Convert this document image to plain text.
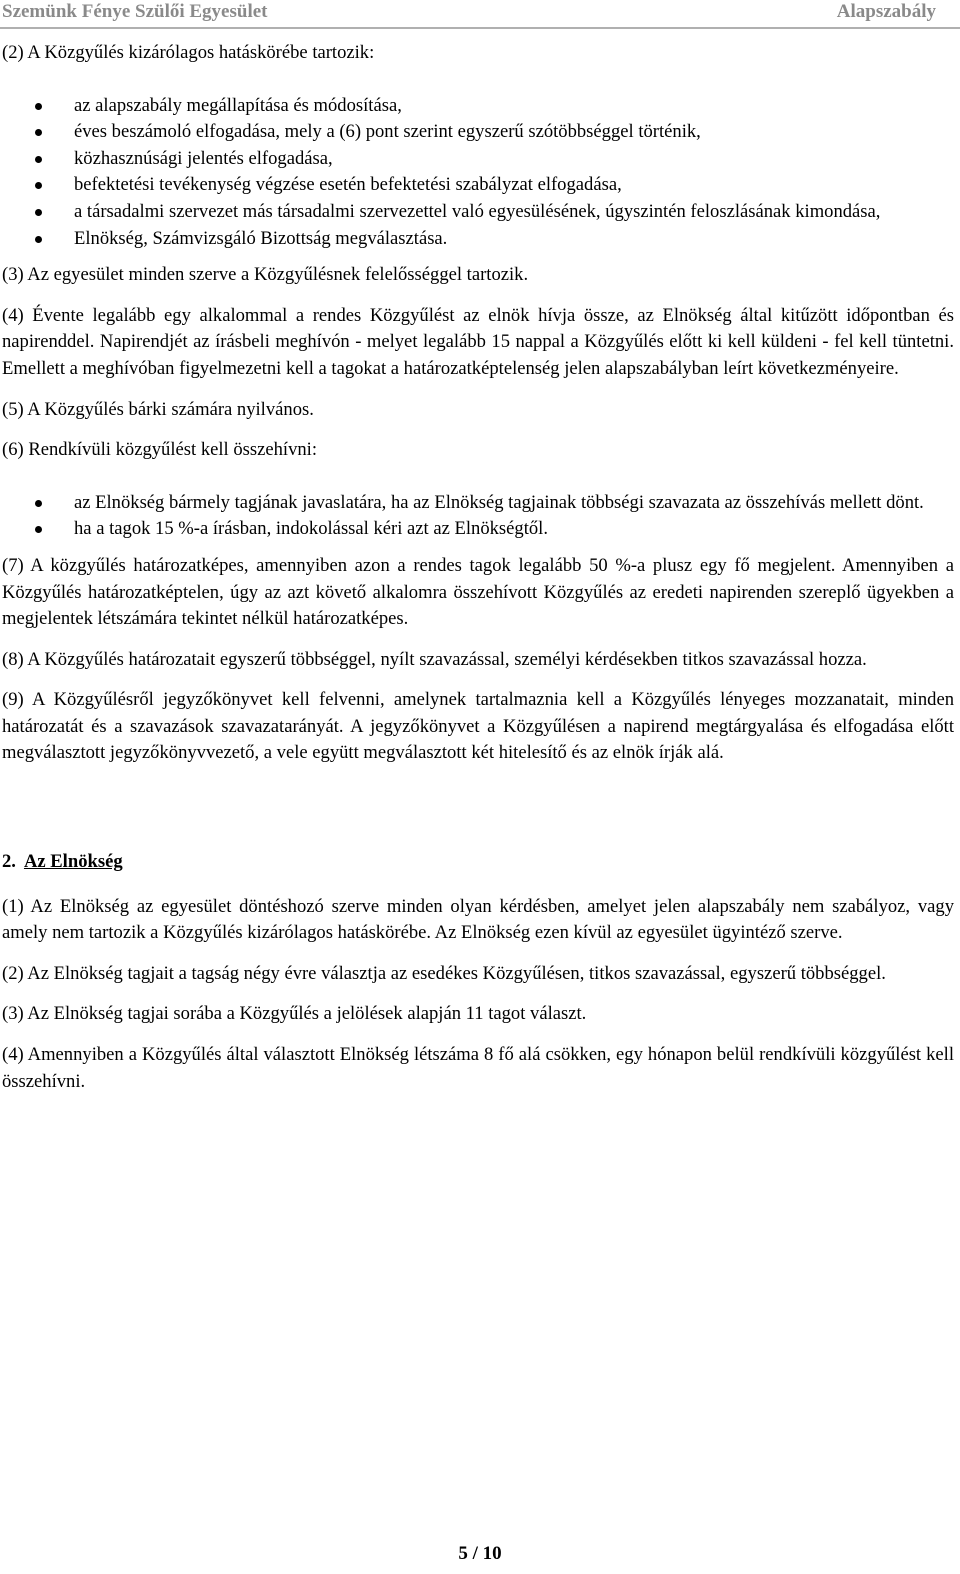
Szemünk Fénye Szülői Egyesület	Alapszabály

(2) A Közgyűlés kizárólagos hatáskörébe tartozik:

az alapszabály megállapítása és módosítása,
éves beszámoló elfogadása, mely a (6) pont szerint egyszerű szótöbbséggel történik,
közhasznúsági jelentés elfogadása,
befektetési tevékenység végzése esetén befektetési szabályzat elfogadása,
a társadalmi szervezet más társadalmi szervezettel való egyesülésének, úgyszintén feloszlásának kimondása,
Elnökség, Számvizsgáló Bizottság megválasztása.

(3) Az egyesület minden szerve a Közgyűlésnek felelősséggel tartozik.

(4) Évente legalább egy alkalommal a rendes Közgyűlést az elnök hívja össze, az Elnökség által kitűzött időpontban és napirenddel. Napirendjét az írásbeli meghívón - melyet legalább 15 nappal a Közgyűlés előtt ki kell küldeni - fel kell tüntetni. Emellett a meghívóban figyelmezetni kell a tagokat a határozatképtelenség jelen alapszabályban leírt következményeire.

(5) A Közgyűlés bárki számára nyilvános.

(6) Rendkívüli közgyűlést kell összehívni:

az Elnökség bármely tagjának javaslatára, ha az Elnökség tagjainak többségi szavazata az összehívás mellett dönt.
ha a tagok 15 %-a írásban, indokolással kéri azt az Elnökségtől.

(7) A közgyűlés határozatképes, amennyiben azon a rendes tagok legalább 50 %-a plusz egy fő megjelent. Amennyiben a Közgyűlés határozatképtelen, úgy az azt követő alkalomra összehívott Közgyűlés az eredeti napirenden szereplő ügyekben a megjelentek létszámára tekintet nélkül határozatképes.

(8) A Közgyűlés határozatait egyszerű többséggel, nyílt szavazással, személyi kérdésekben titkos szavazással hozza.

(9) A Közgyűlésről jegyzőkönyvet kell felvenni, amelynek tartalmaznia kell a Közgyűlés lényeges mozzanatait, minden határozatát és a szavazások szavazatarányát. A jegyzőkönyvet a Közgyűlésen a napirend megtárgyalása és elfogadása előtt megválasztott jegyzőkönyvvezető, a vele együtt megválasztott két hitelesítő és az elnök írják alá.

2. Az Elnökség

(1) Az Elnökség az egyesület döntéshozó szerve minden olyan kérdésben, amelyet jelen alapszabály nem szabályoz, vagy amely nem tartozik a Közgyűlés kizárólagos hatáskörébe. Az Elnökség ezen kívül az egyesület ügyintéző szerve.

(2) Az Elnökség tagjait a tagság négy évre választja az esedékes Közgyűlésen, titkos szavazással, egyszerű többséggel.

(3) Az Elnökség tagjai sorába a Közgyűlés a jelölések alapján 11 tagot választ.

(4) Amennyiben a Közgyűlés által választott Elnökség létszáma 8 fő alá csökken, egy hónapon belül rendkívüli közgyűlést kell összehívni.

5 / 10
